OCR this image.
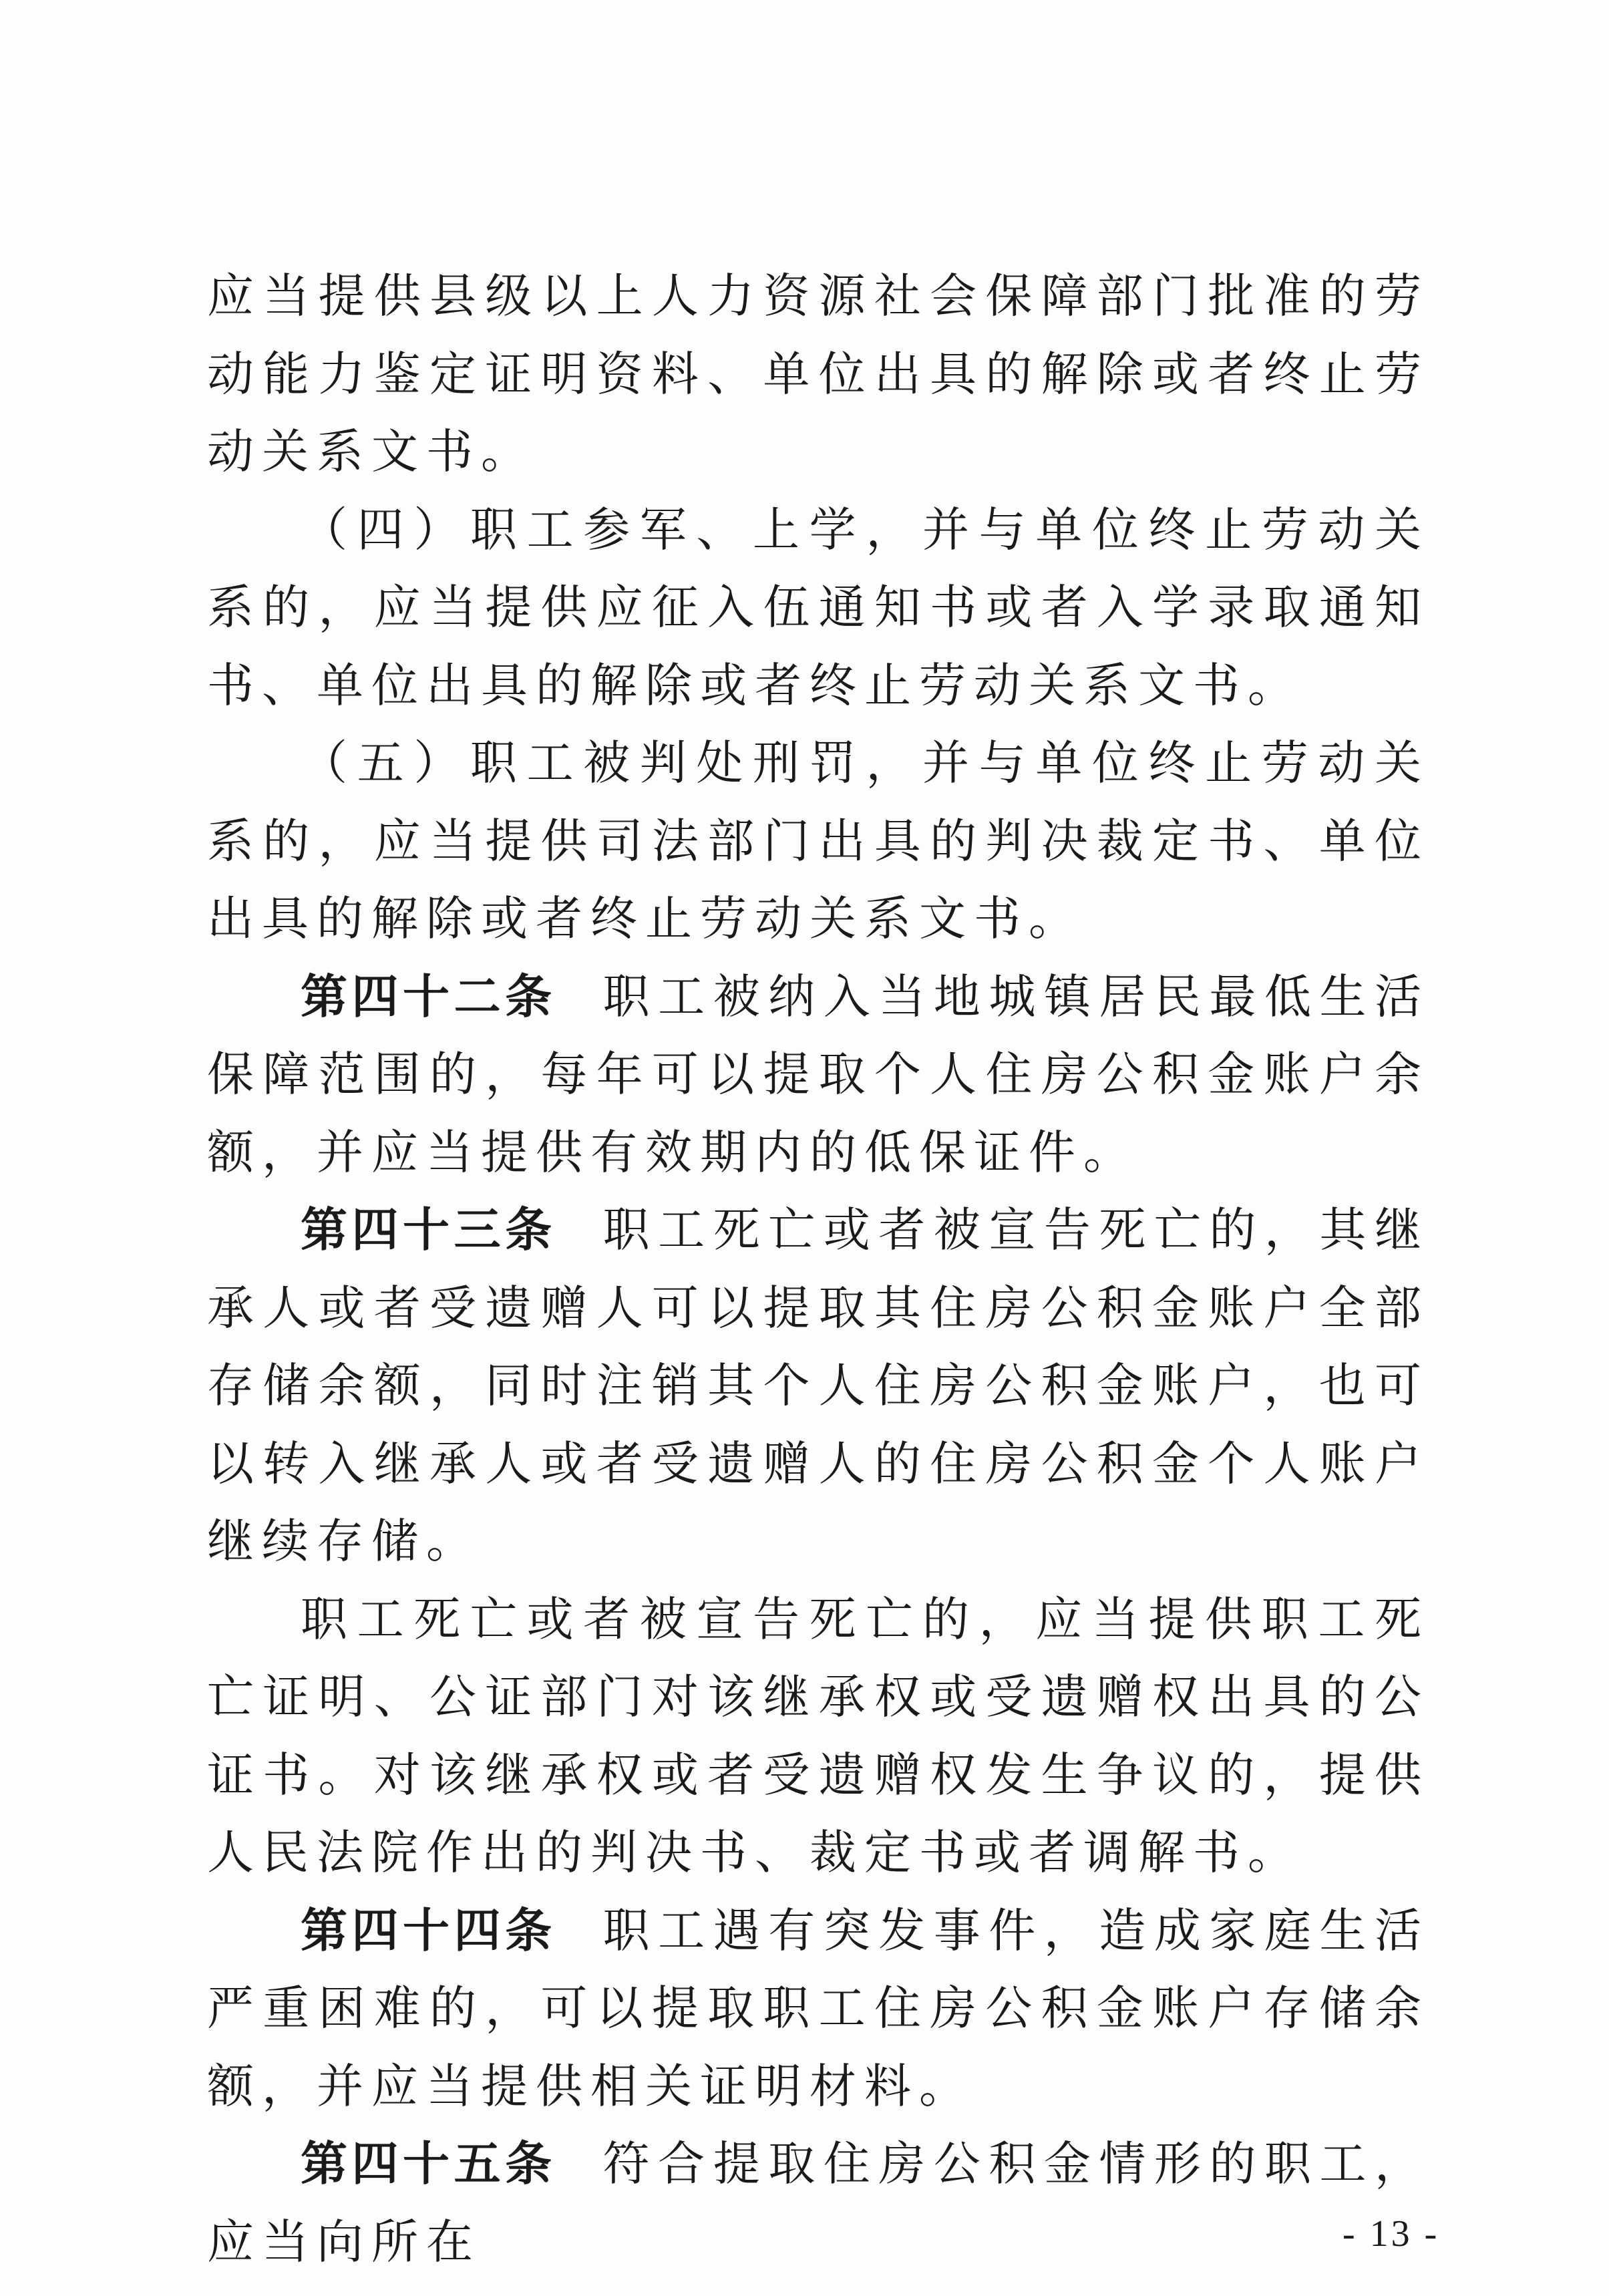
应当提供县级以上人力资源社会保障部门批准的劳动能力鉴定证明资料、单位出具的解除或者终止劳动关系文书。

（四）职工参军、上学，并与单位终止劳动关系的，应当提供应征入伍通知书或者入学录取通知书、单位出具的解除或者终止劳动关系文书。

（五）职工被判处刑罚，并与单位终止劳动关系的，应当提供司法部门出具的判决裁定书、单位出具的解除或者终止劳动关系文书。

第四十二条 职工被纳入当地城镇居民最低生活保障范围的，每年可以提取个人住房公积金账户余额，并应当提供有效期内的低保证件。

第四十三条 职工死亡或者被宣告死亡的，其继承人或者受遗赠人可以提取其住房公积金账户全部存储余额，同时注销其个人住房公积金账户，也可以转入继承人或者受遗赠人的住房公积金个人账户继续存储。

职工死亡或者被宣告死亡的，应当提供职工死亡证明、公证部门对该继承权或受遗赠权出具的公证书。对该继承权或者受遗赠权发生争议的，提供人民法院作出的判决书、裁定书或者调解书。

第四十四条 职工遇有突发事件，造成家庭生活严重困难的，可以提取职工住房公积金账户存储余额，并应当提供相关证明材料。

第四十五条 符合提取住房公积金情形的职工，应当向所在	- 13 -
